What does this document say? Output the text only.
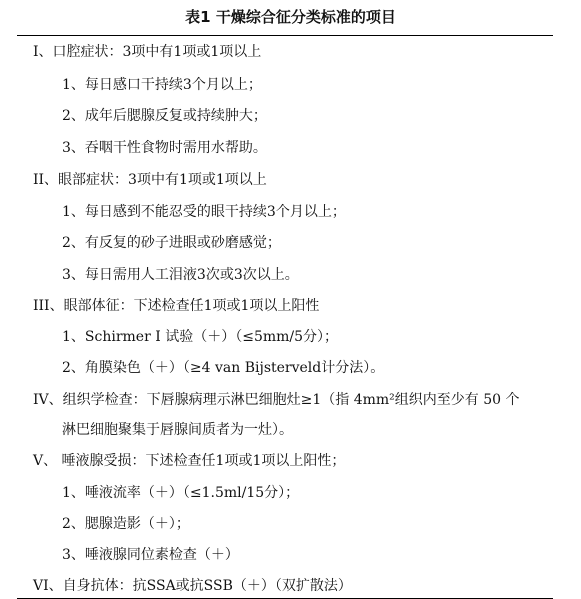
表1 干燥综合征分类标准的项目
I、口腔症状：3项中有1项或1项以上
1、每日感口干持续3个月以上；
2、成年后腮腺反复或持续肿大；
3、吞咽干性食物时需用水帮助。
II、眼部症状：3项中有1项或1项以上
1、每日感到不能忍受的眼干持续3个月以上；
2、有反复的砂子进眼或砂磨感觉；
3、每日需用人工泪液3次或3次以上。
III、眼部体征：下述检查任1项或1项以上阳性
1、Schirmer I 试验（＋）（≤5mm/5分）；
2、角膜染色（＋）（≥4 van Bijsterveld计分法）。
IV、组织学检查：下唇腺病理示淋巴细胞灶≥1（指 4mm²组织内至少有 50 个
淋巴细胞聚集于唇腺间质者为一灶）。
V、 唾液腺受损：下述检查任1项或1项以上阳性；
1、唾液流率（＋）（≤1.5ml/15分）；
2、腮腺造影（＋）；
3、唾液腺同位素检查（＋）
VI、自身抗体：抗SSA或抗SSB（＋）（双扩散法）
